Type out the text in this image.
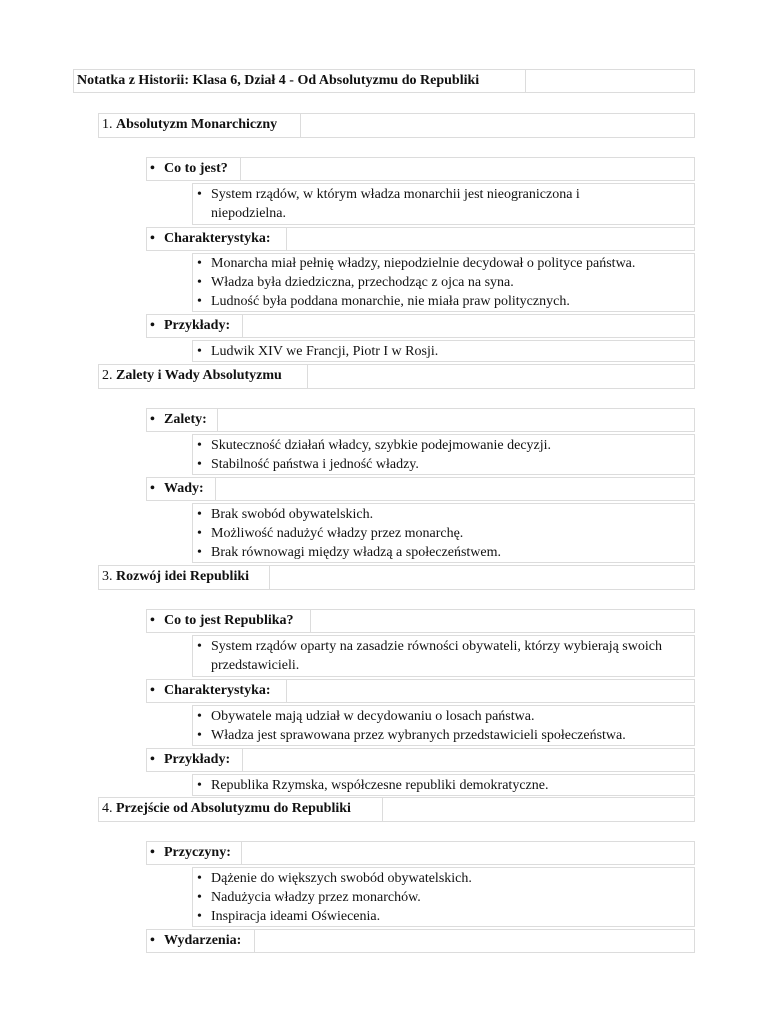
Notatka z Historii: Klasa 6, Dział 4 - Od Absolutyzmu do Republiki
1. Absolutyzm Monarchiczny
• Co to jest?
• System rządów, w którym władza monarchii jest nieograniczona i niepodzielna.
• Charakterystyka:
• Monarcha miał pełnię władzy, niepodzielnie decydował o polityce państwa.
• Władza była dziedziczna, przechodząc z ojca na syna.
• Ludność była poddana monarchie, nie miała praw politycznych.
• Przykłady:
• Ludwik XIV we Francji, Piotr I w Rosji.
2. Zalety i Wady Absolutyzmu
• Zalety:
• Skuteczność działań władcy, szybkie podejmowanie decyzji.
• Stabilność państwa i jedność władzy.
• Wady:
• Brak swobód obywatelskich.
• Możliwość nadużyć władzy przez monarchę.
• Brak równowagi między władzą a społeczeństwem.
3. Rozwój idei Republiki
• Co to jest Republika?
• System rządów oparty na zasadzie równości obywateli, którzy wybierają swoich przedstawicieli.
• Charakterystyka:
• Obywatele mają udział w decydowaniu o losach państwa.
• Władza jest sprawowana przez wybranych przedstawicieli społeczeństwa.
• Przykłady:
• Republika Rzymska, współczesne republiki demokratyczne.
4. Przejście od Absolutyzmu do Republiki
• Przyczyny:
• Dążenie do większych swobód obywatelskich.
• Nadużycia władzy przez monarchów.
• Inspiracja ideami Oświecenia.
• Wydarzenia:
